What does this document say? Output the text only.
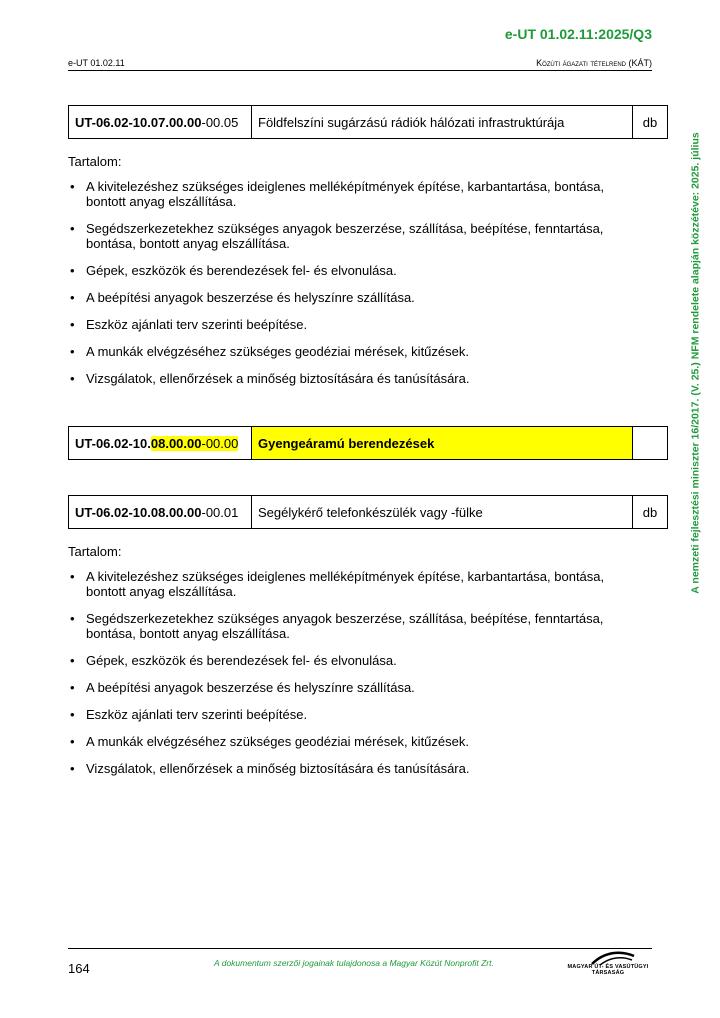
e-UT 01.02.11:2025/Q3
e-UT 01.02.11	Közúti ágazati tételrend (KÁT)
A nemzeti fejlesztési miniszter 16/2017. (V. 25.) NFM rendelete alapján közzétéve: 2025. július
UT-06.02-10.07.00.00-00.05	Földfelszíni sugárzású rádiók hálózati infrastruktúrája	db

Tartalom:

• A kivitelezéshez szükséges ideiglenes melléképítmények építése, karbantartása, bontása, bontott anyag elszállítása.
• Segédszerkezetekhez szükséges anyagok beszerzése, szállítása, beépítése, fenntartása, bontása, bontott anyag elszállítása.
• Gépek, eszközök és berendezések fel- és elvonulása.
• A beépítési anyagok beszerzése és helyszínre szállítása.
• Eszköz ajánlati terv szerinti beépítése.
• A munkák elvégzéséhez szükséges geodéziai mérések, kitűzések.
• Vizsgálatok, ellenőrzések a minőség biztosítására és tanúsítására.
UT-06.02-10.08.00.00-00.00	Gyengeáramú berendezések	
UT-06.02-10.08.00.00-00.01	Segélykérő telefonkészülék vagy -fülke	db

Tartalom:

• A kivitelezéshez szükséges ideiglenes melléképítmények építése, karbantartása, bontása, bontott anyag elszállítása.
• Segédszerkezetekhez szükséges anyagok beszerzése, szállítása, beépítése, fenntartása, bontása, bontott anyag elszállítása.
• Gépek, eszközök és berendezések fel- és elvonulása.
• A beépítési anyagok beszerzése és helyszínre szállítása.
• Eszköz ajánlati terv szerinti beépítése.
• A munkák elvégzéséhez szükséges geodéziai mérések, kitűzések.
• Vizsgálatok, ellenőrzések a minőség biztosítására és tanúsítására.
164	A dokumentum szerzői jogainak tulajdonosa a Magyar Közút Nonprofit Zrt.	MAGYAR ÚT- ÉS VASÚTÜGYI TÁRSASÁG
